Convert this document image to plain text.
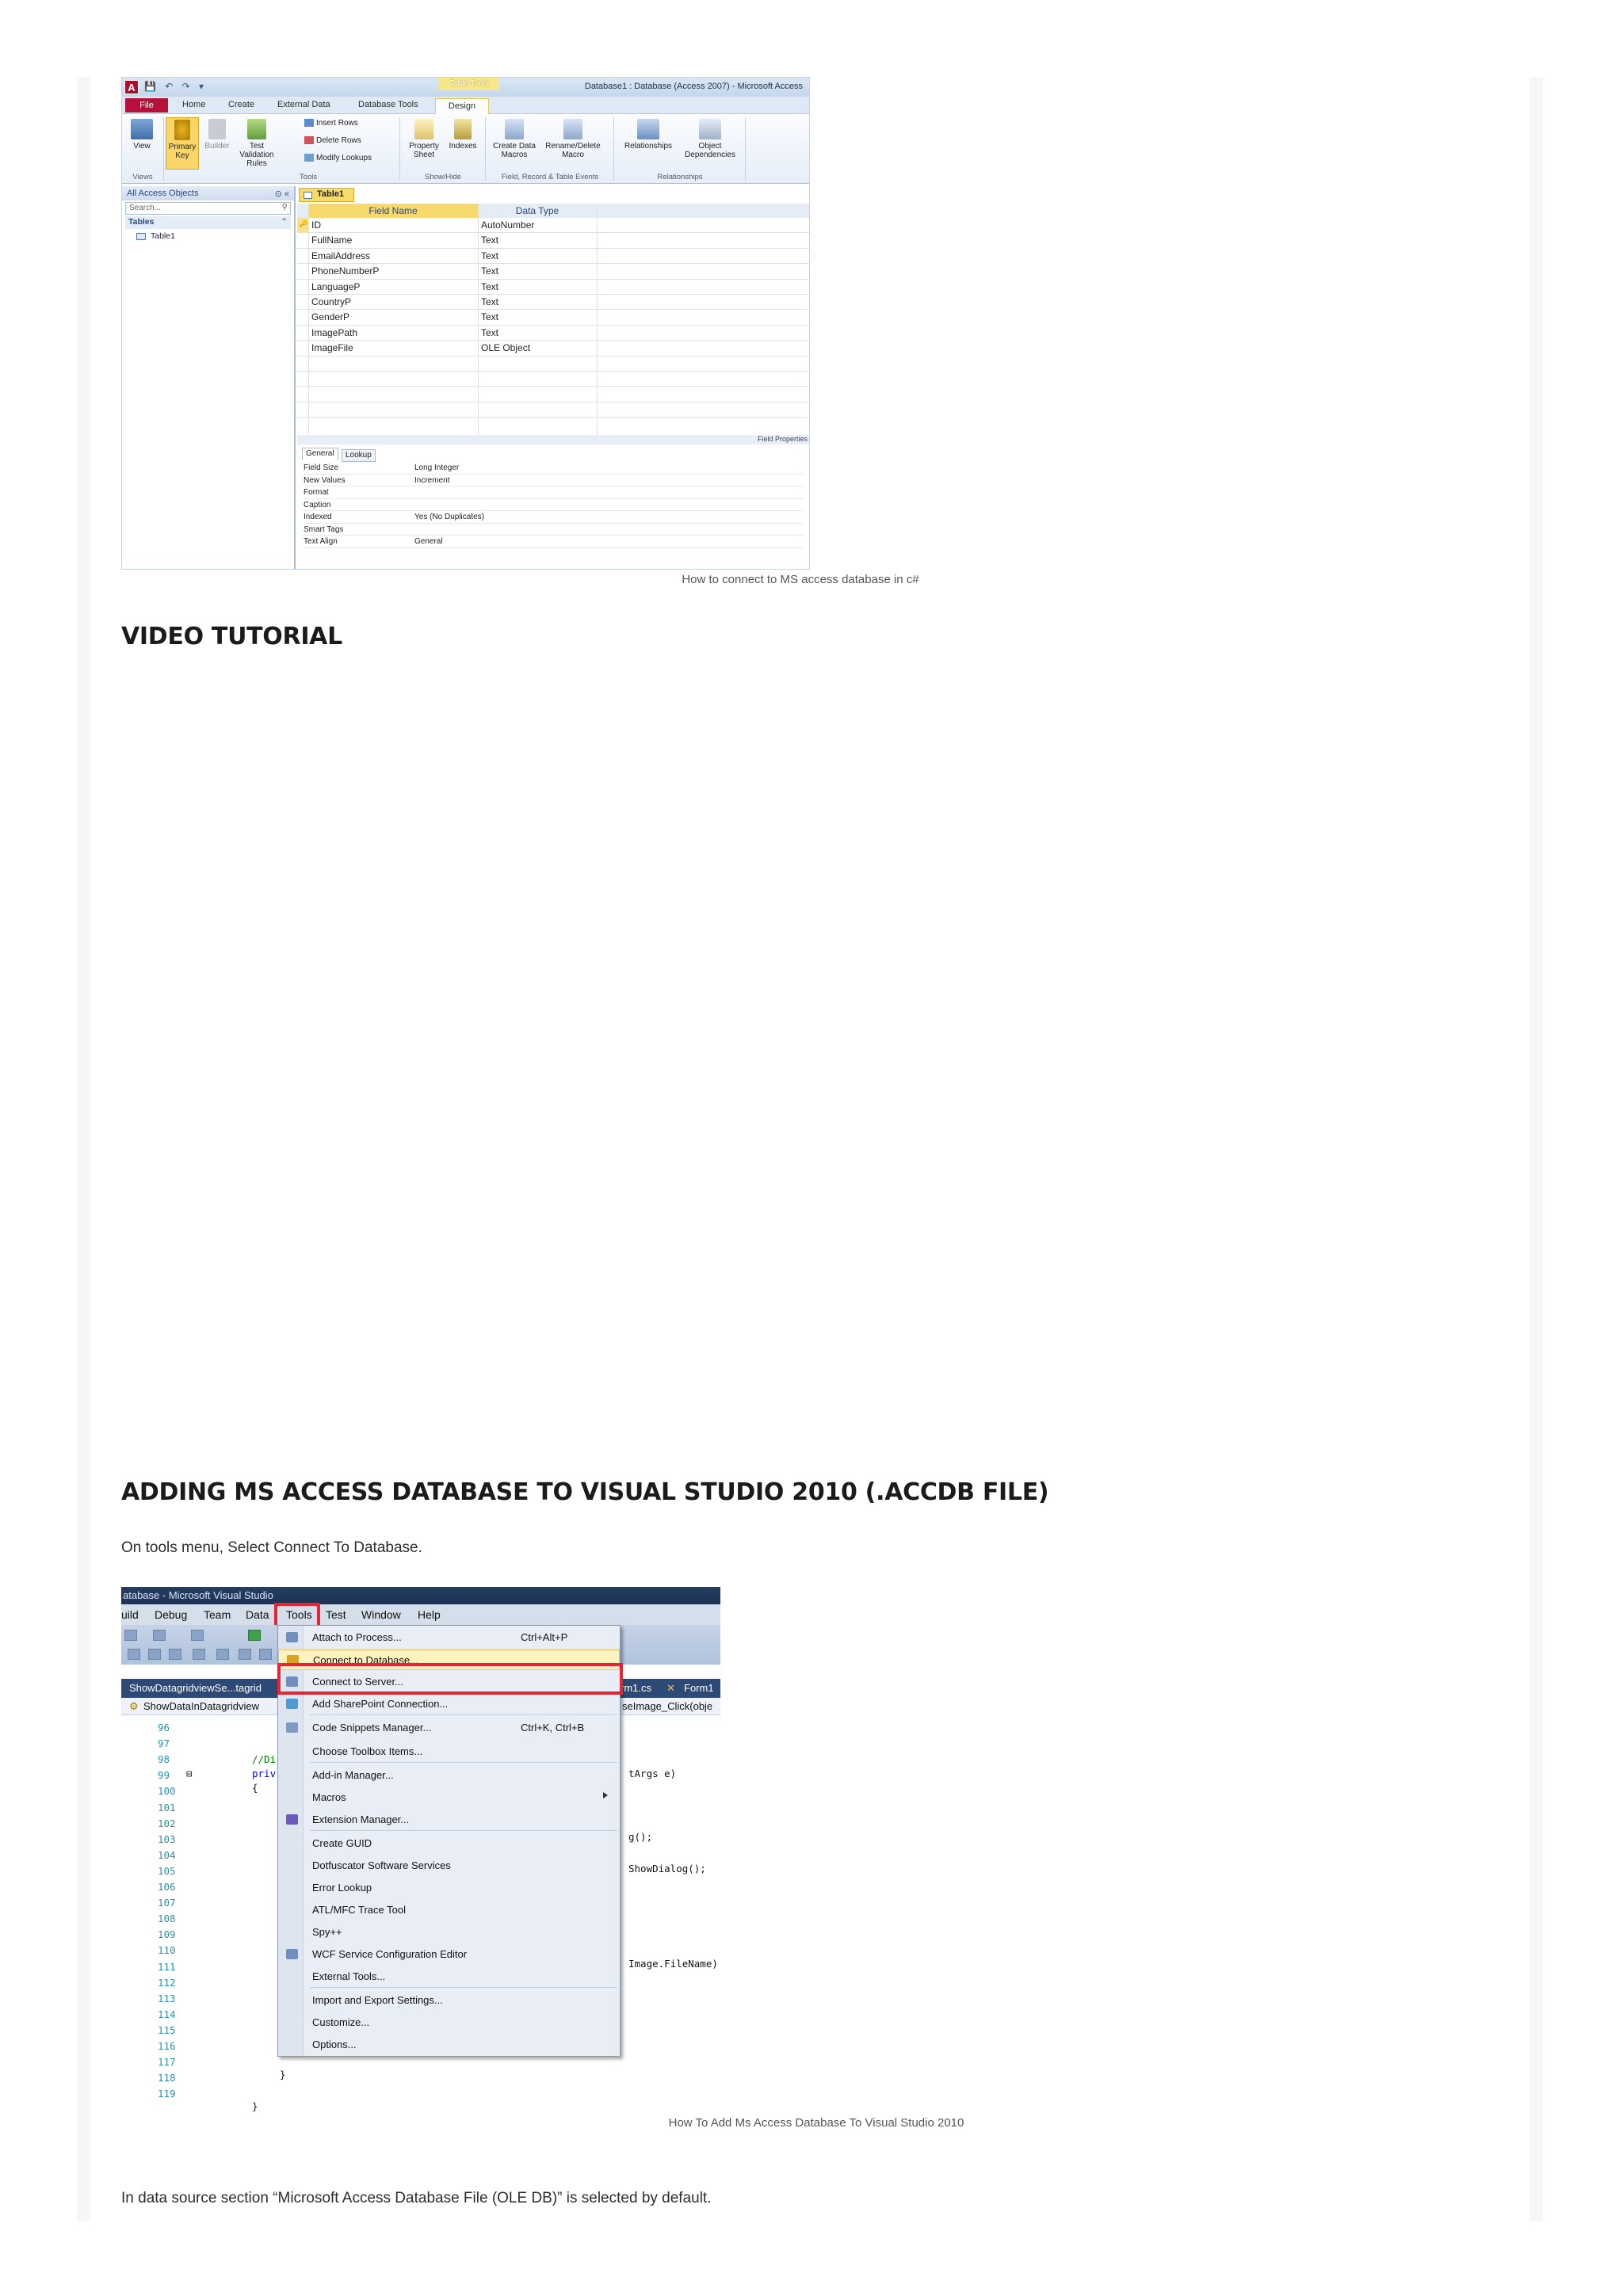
A 💾 ↶ ↷ ▾	Table Tools	Database1 : Database (Access 2007) - Microsoft Access
File	Home	Create	External Data	Database Tools	Design
View	Primary Key
Builder	Test Validation Rules
Insert Rows
Delete Rows
Modify Lookups
Views	Tools
Property Sheet
Indexes
Show/Hide
Create Data Macros
Rename/Delete Macro
Field, Record & Table Events
Relationships	Object Dependencies
Relationships
All Access Objects	⊙ «
Search...	⚲
Tables	⌃
Table1
Table1
Field Name	Data Type
ID	AutoNumber
🔑
FullName	Text
EmailAddress	Text
PhoneNumberP	Text
LanguageP	Text
CountryP	Text
GenderP	Text
ImagePath	Text
ImageFile	OLE Object
Field Properties
General	Lookup
Field Size	Long Integer
New Values	Increment
Format
Caption
Indexed	Yes (No Duplicates)
Smart Tags
Text Align	General
How to connect to MS access database in c#
VIDEO TUTORIAL
ADDING MS ACCESS DATABASE TO VISUAL STUDIO 2010 (.ACCDB FILE)
On tools menu, Select Connect To Database.
atabase - Microsoft Visual Studio
uild Debug Team Data Tools Test Window Help
ShowDatagridviewSe...tagrid	rm1.cs ✕ Form1
⚙ ShowDataInDatagridview	seImage_Click(obje
96
97
98
99
100
101
102
103
104
105
106
107
108
109
110
111
112
113
114
115
116
117
118
119
⊟
//Di
priv	tArgs e)
{
g();
ShowDialog();
Image.FileName)
}
}
Attach to Process...	Ctrl+Alt+P
Connect to Database...
Connect to Server...
Add SharePoint Connection...
Code Snippets Manager...	Ctrl+K, Ctrl+B
Choose Toolbox Items...
Add-in Manager...
Macros
Extension Manager...
Create GUID
Dotfuscator Software Services
Error Lookup
ATL/MFC Trace Tool
Spy++
WCF Service Configuration Editor
External Tools...
Import and Export Settings...
Customize...
Options...
How To Add Ms Access Database To Visual Studio 2010
In data source section “Microsoft Access Database File (OLE DB)” is selected by default.
